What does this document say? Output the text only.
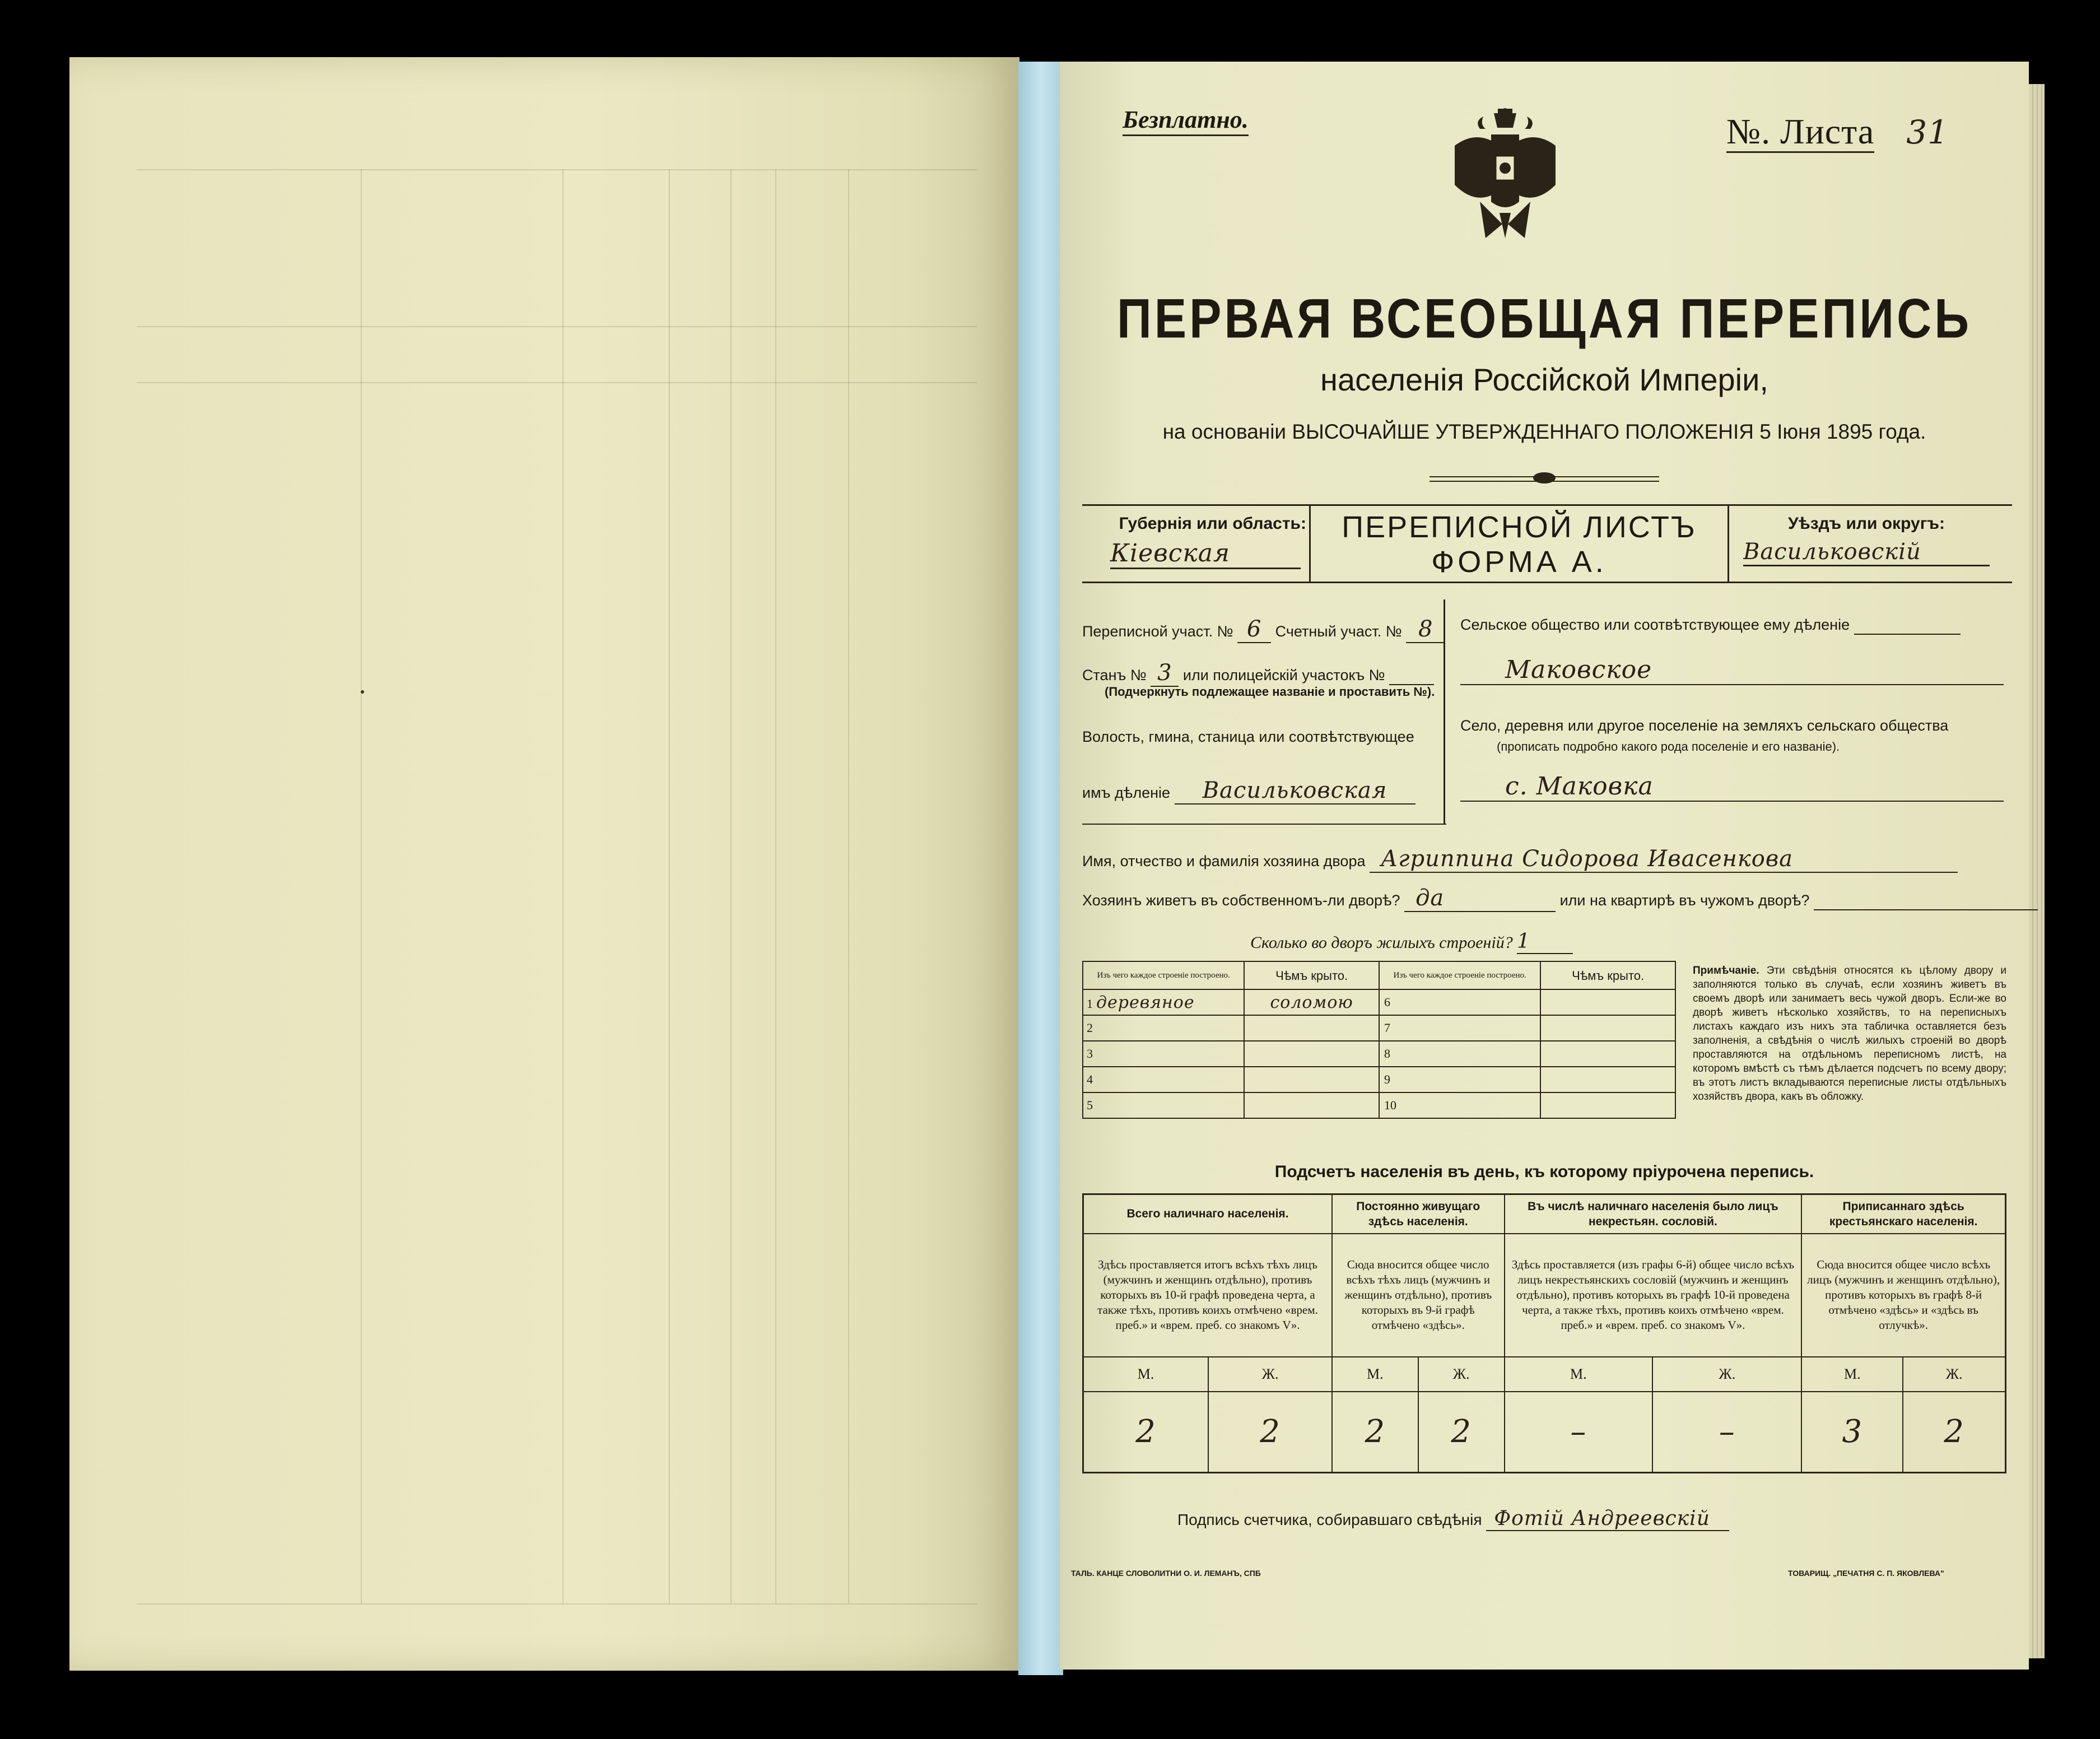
Безплатно.	№. Листа 31
ПЕРВАЯ ВСЕОБЩАЯ ПЕРЕПИСЬ
населенія Россійской Имперіи,
на основаніи ВЫСОЧАЙШЕ УТВЕРЖДЕННАГО ПОЛОЖЕНІЯ 5 Іюня 1895 года.
Губернія или область:
Кіевская
ПЕРЕПИСНОЙ ЛИСТЪ
ФОРМА А.
Уѣздъ или округъ:
Васильковскій
Переписной участ. № 6 Счетный участ. № 8
Станъ № 3 или полицейскій участокъ №
(Подчеркнуть подлежащее названіе и проставить №).
Волость, гмина, станица или соотвѣтствующее
имъ дѣленіе Васильковская
Сельское общество или соотвѣтствующее ему дѣленіе
Маковское
Село, деревня или другое поселеніе на земляхъ сельскаго общества
(прописать подробно какого рода поселеніе и его названіе).
с. Маковка
Имя, отчество и фамилія хозяина двора Агриппина Сидорова Ивасенкова
Хозяинъ живетъ въ собственномъ-ли дворѣ? да	или на квартирѣ въ чужомъ дворѣ?
Сколько во дворъ жилыхъ строеній? 1
Изъ чего каждое строеніе построено.	Чѣмъ крыто.	Изъ чего каждое строеніе построено.	Чѣмъ крыто.
1 деревяное	соломою	6	
2		7	
3		8	
4		9	
5		10	
Примѣчаніе. Эти свѣдѣнія относятся къ цѣлому двору и заполняются только въ случаѣ, если хозяинъ живетъ въ своемъ дворѣ или занимаетъ весь чужой дворъ. Если-же во дворѣ живетъ нѣсколько хозяйствъ, то на переписныхъ листахъ каждаго изъ нихъ эта табличка оставляется безъ заполненія, а свѣдѣнія о числѣ жилыхъ строеній во дворѣ проставляются на отдѣльномъ переписномъ листѣ, на которомъ вмѣстѣ съ тѣмъ дѣлается подсчетъ по всему двору; въ этотъ листъ вкладываются переписные листы отдѣльныхъ хозяйствъ двора, какъ въ обложку.
Подсчетъ населенія въ день, къ которому пріурочена перепись.
Всего наличнаго населенія.		Постоянно живущаго здѣсь населенія.		Въ числѣ наличнаго населенія было лицъ некрестьян. сословій.		Приписаннаго здѣсь крестьянскаго населенія.	
Здѣсь проставляется итогъ всѣхъ тѣхъ лицъ (мужчинъ и женщинъ отдѣльно), противъ которыхъ въ 10-й графѣ проведена черта, а также тѣхъ, противъ коихъ отмѣчено «врем. преб.» и «врем. преб. со знакомъ V».		Сюда вносится общее число всѣхъ тѣхъ лицъ (мужчинъ и женщинъ отдѣльно), противъ которыхъ въ 9-й графѣ отмѣчено «здѣсь».		Здѣсь проставляется (изъ графы 6-й) общее число всѣхъ лицъ некрестьянскихъ сословій (мужчинъ и женщинъ отдѣльно), противъ которыхъ въ графѣ 10-й проведена черта, а также тѣхъ, противъ коихъ отмѣчено «врем. преб.» и «врем. преб. со знакомъ V».		Сюда вносится общее число всѣхъ лицъ (мужчинъ и женщинъ отдѣльно), противъ которыхъ въ графѣ 8-й отмѣчено «здѣсь» и «здѣсь въ отлучкѣ».	
М.	Ж.	М.	Ж.	М.	Ж.	М.	Ж.
2	2	2	2	–	–	3	2
Подпись счетчика, собиравшаго свѣдѣнія Фотій Андреевскій
ТАЛЬ. КАНЦЕ СЛОВОЛИТНИ О. И. ЛЕМАНЪ, СПБ	ТОВАРИЩ. „ПЕЧАТНЯ С. П. ЯКОВЛЕВА"
